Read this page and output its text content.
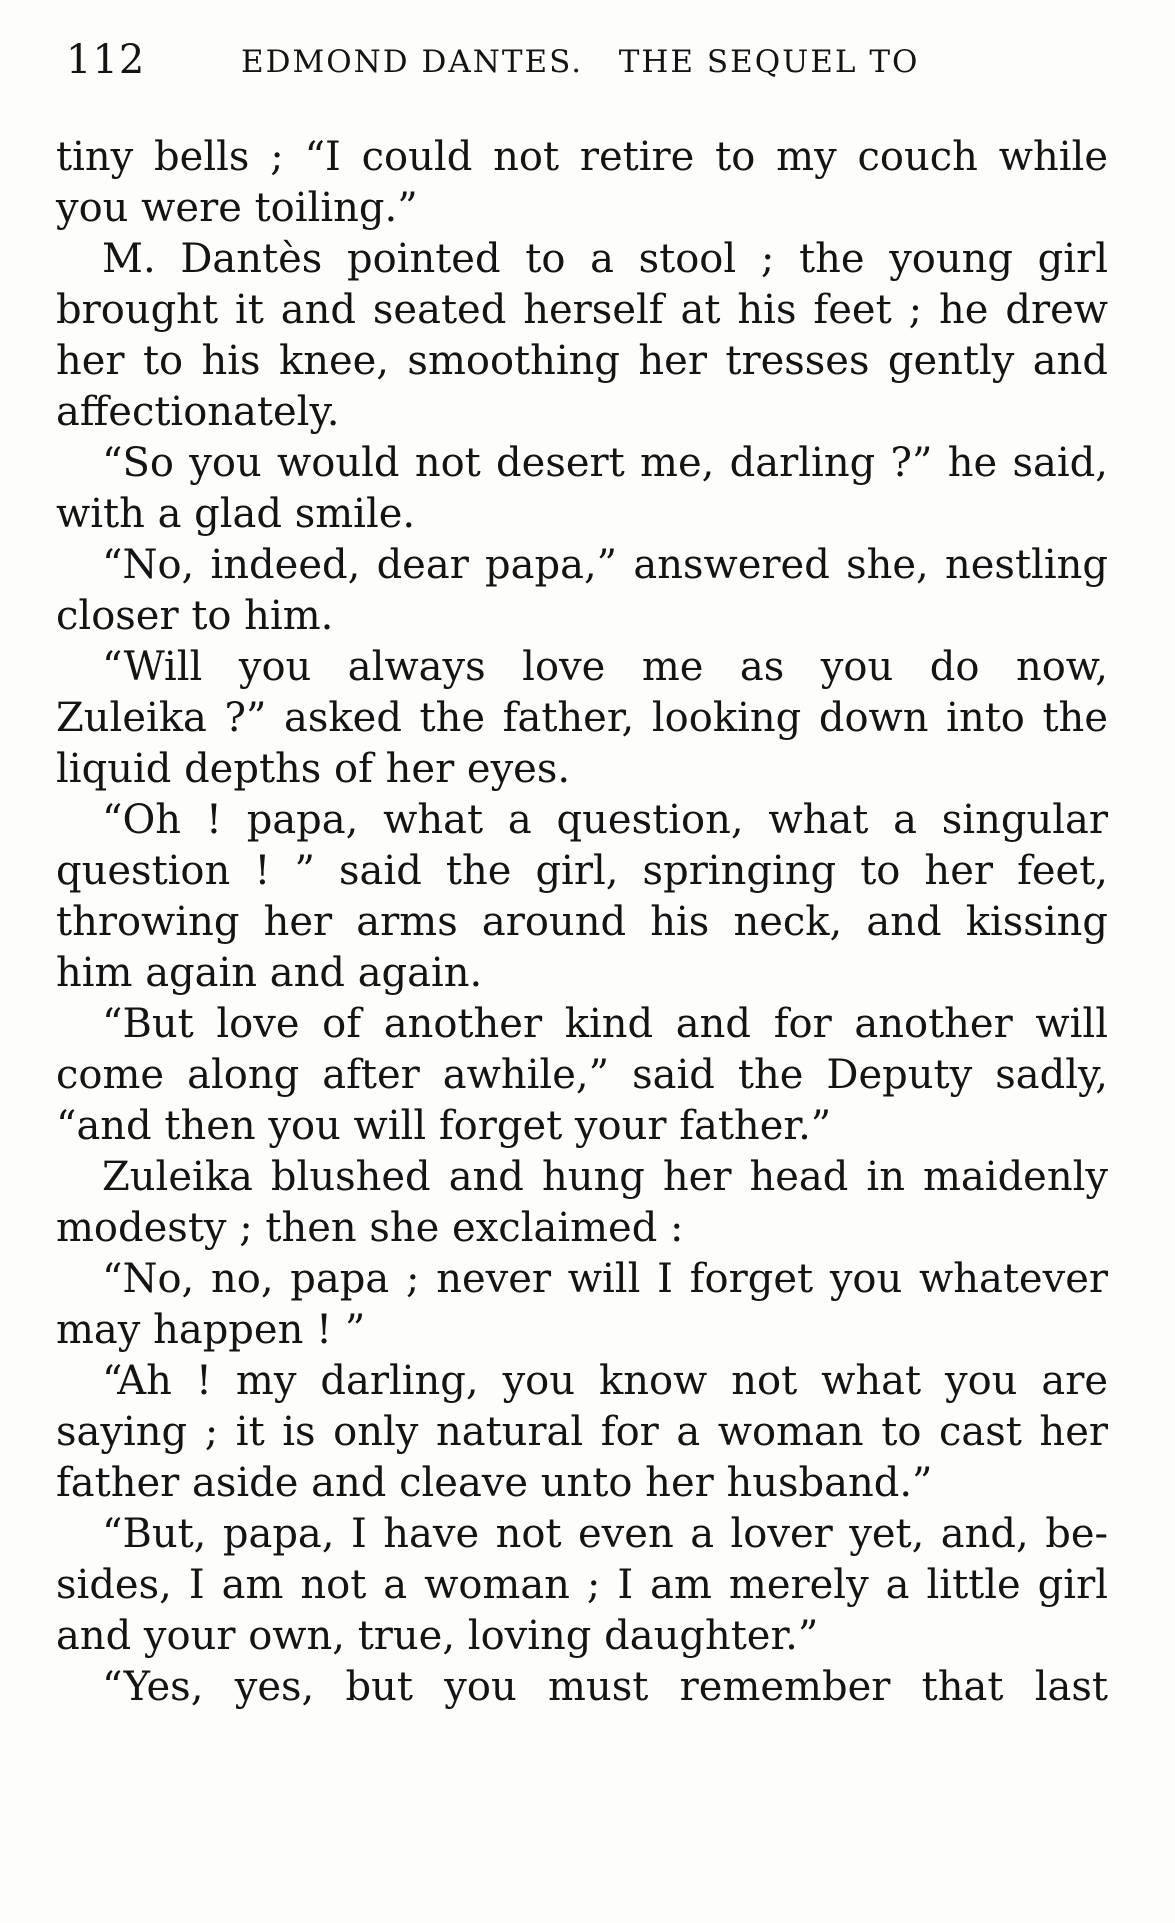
112	EDMOND DANTES.   THE SEQUEL TO
tiny bells ; “I could not retire to my couch while
you were toiling.”
M. Dantès pointed to a stool ; the young girl
brought it and seated herself at his feet ; he drew
her to his knee, smoothing her tresses gently and
affectionately.
“So you would not desert me, darling ?” he said,
with a glad smile.
“No, indeed, dear papa,” answered she, nestling
closer to him.
“Will you always love me as you do now,
Zuleika ?” asked the father, looking down into the
liquid depths of her eyes.
“Oh ! papa, what a question, what a singular
question ! ” said the girl, springing to her feet,
throwing her arms around his neck, and kissing
him again and again.
“But love of another kind and for another will
come along after awhile,” said the Deputy sadly,
“and then you will forget your father.”
Zuleika blushed and hung her head in maidenly
modesty ; then she exclaimed :
“No, no, papa ; never will I forget you whatever
may happen ! ”
“Ah ! my darling, you know not what you are
saying ; it is only natural for a woman to cast her
father aside and cleave unto her husband.”
“But, papa, I have not even a lover yet, and, be-
sides, I am not a woman ; I am merely a little girl
and your own, true, loving daughter.”
“Yes, yes, but you must remember that last
